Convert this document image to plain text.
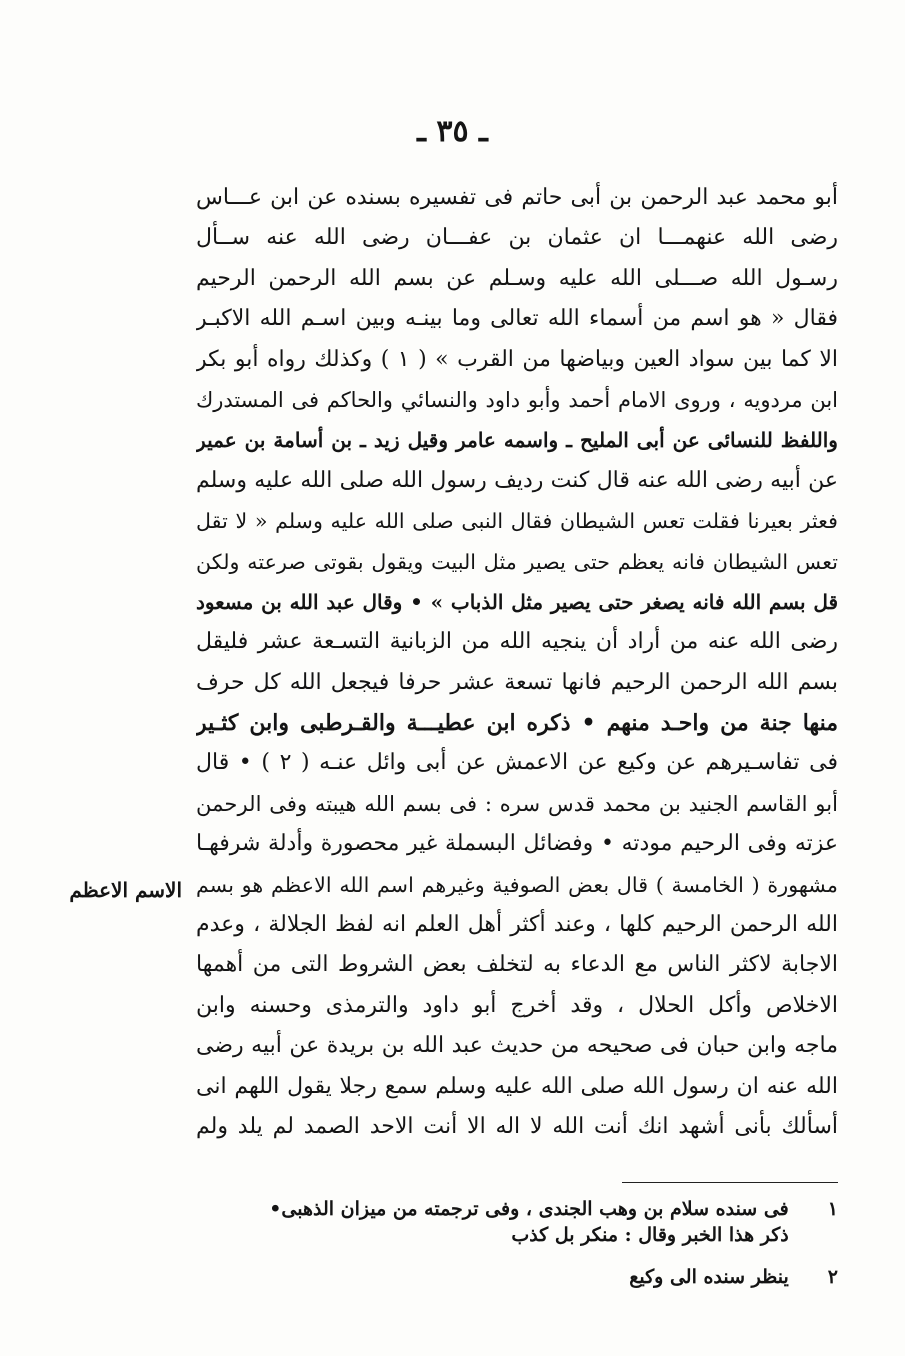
ـ ٣٥ ـ
الاسم الاعظم
أبو محمد عبد الرحمن بن أبى حاتم فى تفسيره بسنده عن ابن عـــاس
رضى الله عنهمـــا ان عثمان بن عفـــان رضى الله عنه ســأل
رسـول الله صـــلى الله عليه وسـلم عن بسم الله الرحمن الرحيم
فقال « هو اسم من أسماء الله تعالى وما بينـه وبين اسـم الله الاكبـر
الا كما بين سواد العين وبياضها من القرب » ( ١ ) وكذلك رواه أبو بكر
ابن مردويه ، وروى الامام أحمد وأبو داود والنسائي والحاكم فى المستدرك
واللفظ للنسائى عن أبى المليح ـ واسمه عامر وقيل زيد ـ بن أسامة بن عمير
عن أبيه رضى الله عنه قال كنت رديف رسول الله صلى الله عليه وسلم
فعثر بعيرنا فقلت تعس الشيطان فقال النبى صلى الله عليه وسلم « لا تقل
تعس الشيطان فانه يعظم حتى يصير مثل البيت ويقول بقوتى صرعته ولكن
قل بسم الله فانه يصغر حتى يصير مثل الذباب » • وقال عبد الله بن مسعود
رضى الله عنه من أراد أن ينجيه الله من الزبانية التسـعة عشر فليقل
بسم الله الرحمن الرحيم فانها تسعة عشر حرفا فيجعل الله كل حرف
منها جنة من واحـد منهم • ذكره ابن عطيـــة والقـرطبى وابن كثـير
فى تفاسـيرهم عن وكيع عن الاعمش عن أبى وائل عنـه ( ٢ ) • قال
أبو القاسم الجنيد بن محمد قدس سره : فى بسم الله هيبته وفى الرحمن
عزته وفى الرحيم مودته • وفضائل البسملة غير محصورة وأدلة شرفهـا
مشهورة ( الخامسة ) قال بعض الصوفية وغيرهم اسم الله الاعظم هو بسم
الله الرحمن الرحيم كلها ، وعند أكثر أهل العلم انه لفظ الجلالة ، وعدم
الاجابة لاكثر الناس مع الدعاء به لتخلف بعض الشروط التى من أهمها
الاخلاص وأكل الحلال ، وقد أخرج أبو داود والترمذى وحسنه وابن
ماجه وابن حبان فى صحيحه من حديث عبد الله بن بريدة عن أبيه رضى
الله عنه ان رسول الله صلى الله عليه وسلم سمع رجلا يقول اللهم انى
أسألك بأنى أشهد انك أنت الله لا اله الا أنت الاحد الصمد لم يلد ولم
١  فى سنده سلام بن وهب الجندى ، وفى ترجمته من ميزان الذهبى•
ذكر هذا الخبر وقال : منكر بل كذب
٢  ينظر سنده الى وكيع
